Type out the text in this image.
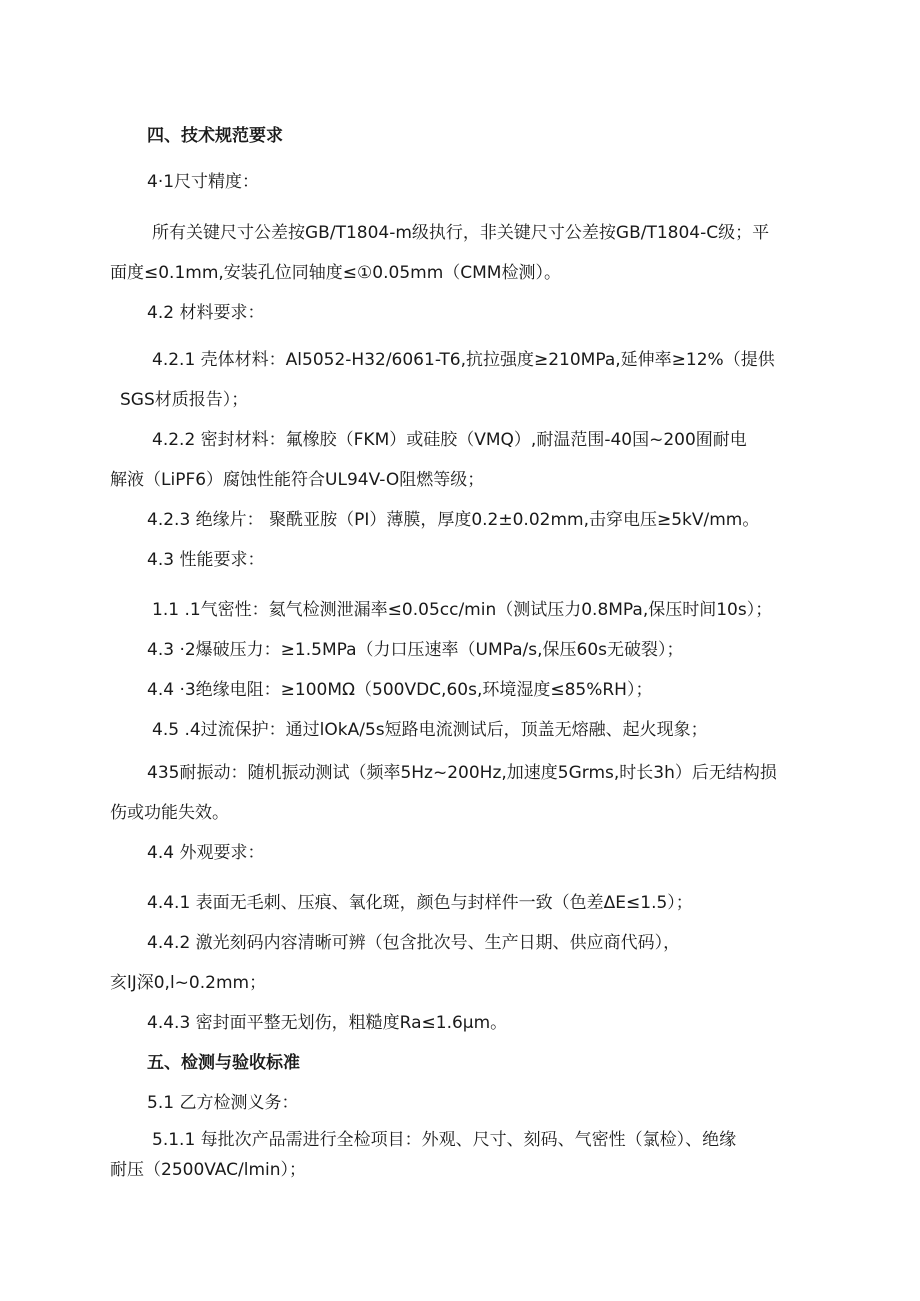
四、技术规范要求
4·1尺寸精度：
所有关键尺寸公差按GB/T1804-m级执行，非关键尺寸公差按GB/T1804-C级；平
面度≤0.1mm,安装孔位同轴度≤①0.05mm（CMM检测）。
4.2 材料要求：
4.2.1 壳体材料：Al5052-H32/6061-T6,抗拉强度≥210MPa,延伸率≥12%（提供
SGS材质报告）；
4.2.2 密封材料：氟橡胶（FKM）或硅胶（VMQ）,耐温范围-40国~200囿耐电
解液（LiPF6）腐蚀性能符合UL94V-O阻燃等级；
4.2.3 绝缘片： 聚酰亚胺（PI）薄膜，厚度0.2±0.02mm,击穿电压≥5kV/mm。
4.3 性能要求：
1.1 .1气密性：氦气检测泄漏率≤0.05cc/min（测试压力0.8MPa,保压时间10s）；
4.3 ·2爆破压力：≥1.5MPa（力口压速率（UMPa/s,保压60s无破裂）；
4.4 ·3绝缘电阻：≥100MΩ（500VDC,60s,环境湿度≤85%RH）；
4.5 .4过流保护：通过lOkA/5s短路电流测试后，顶盖无熔融、起火现象；
435耐振动：随机振动测试（频率5Hz~200Hz,加速度5Grms,时长3h）后无结构损
伤或功能失效。
4.4 外观要求：
4.4.1 表面无毛刺、压痕、氧化斑，颜色与封样件一致（色差ΔE≤1.5）；
4.4.2 激光刻码内容清晰可辨（包含批次号、生产日期、供应商代码），
亥lJ深0,l~0.2mm；
4.4.3 密封面平整无划伤，粗糙度Ra≤1.6μm。
五、检测与验收标准
5.1 乙方检测义务：
5.1.1 每批次产品需进行全检项目：外观、尺寸、刻码、气密性（氯检）、绝缘
耐压（2500VAC/lmin）；
